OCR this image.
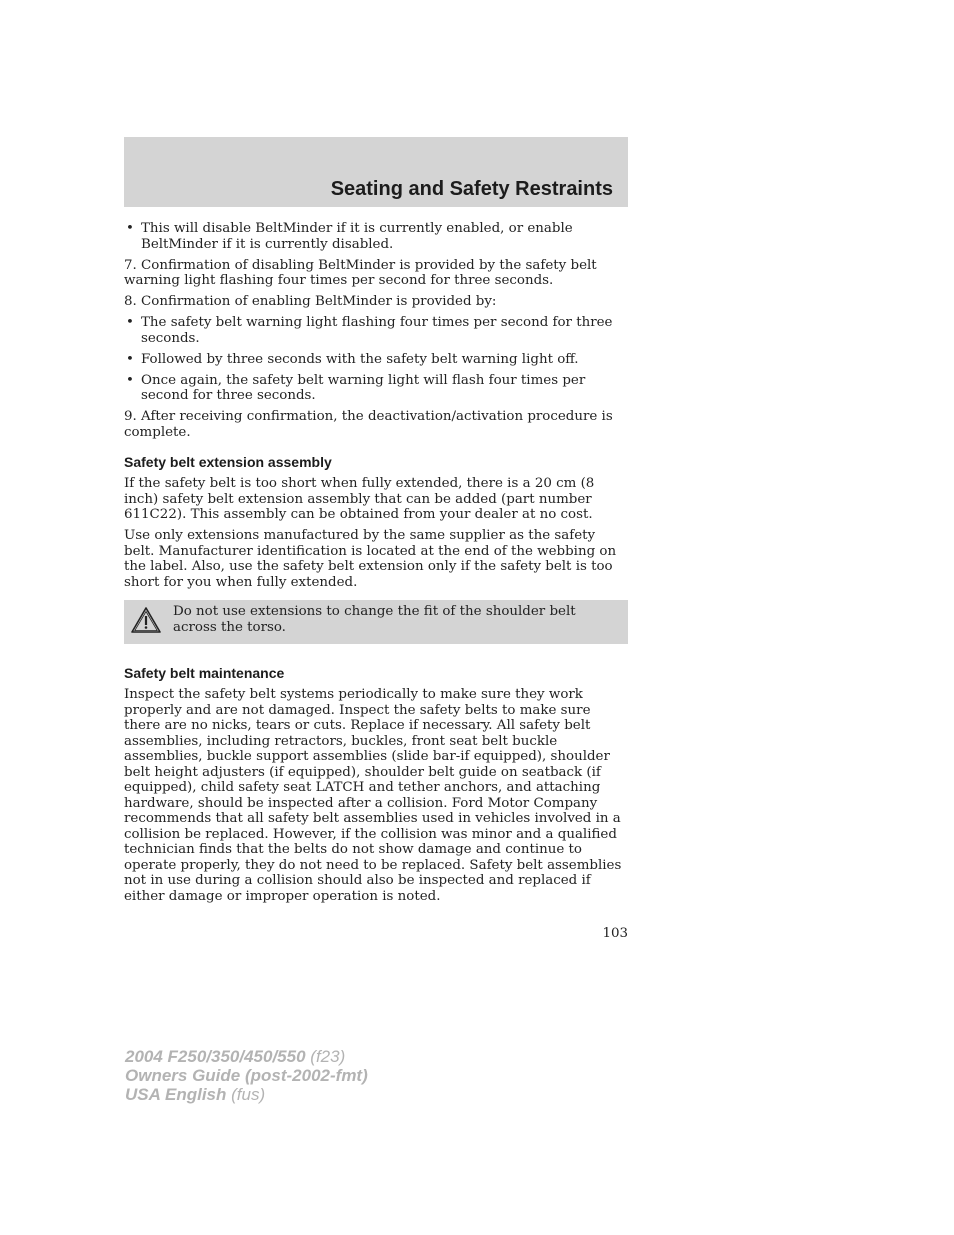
Seating and Safety Restraints
• This will disable BeltMinder if it is currently enabled, or enable BeltMinder if it is currently disabled.

7. Confirmation of disabling BeltMinder is provided by the safety belt warning light flashing four times per second for three seconds.

8. Confirmation of enabling BeltMinder is provided by:

• The safety belt warning light flashing four times per second for three seconds.
• Followed by three seconds with the safety belt warning light off.
• Once again, the safety belt warning light will flash four times per second for three seconds.

9. After receiving confirmation, the deactivation/activation procedure is complete.

Safety belt extension assembly

If the safety belt is too short when fully extended, there is a 20 cm (8 inch) safety belt extension assembly that can be added (part number 611C22). This assembly can be obtained from your dealer at no cost.

Use only extensions manufactured by the same supplier as the safety belt. Manufacturer identification is located at the end of the webbing on the label. Also, use the safety belt extension only if the safety belt is too short for you when fully extended.

Do not use extensions to change the fit of the shoulder belt across the torso.
Safety belt maintenance

Inspect the safety belt systems periodically to make sure they work properly and are not damaged. Inspect the safety belts to make sure there are no nicks, tears or cuts. Replace if necessary. All safety belt assemblies, including retractors, buckles, front seat belt buckle assemblies, buckle support assemblies (slide bar-if equipped), shoulder belt height adjusters (if equipped), shoulder belt guide on seatback (if equipped), child safety seat LATCH and tether anchors, and attaching hardware, should be inspected after a collision. Ford Motor Company recommends that all safety belt assemblies used in vehicles involved in a collision be replaced. However, if the collision was minor and a qualified technician finds that the belts do not show damage and continue to operate properly, they do not need to be replaced. Safety belt assemblies not in use during a collision should also be inspected and replaced if either damage or improper operation is noted.

103
2004 F250/350/450/550 (f23)
Owners Guide (post-2002-fmt)
USA English (fus)
